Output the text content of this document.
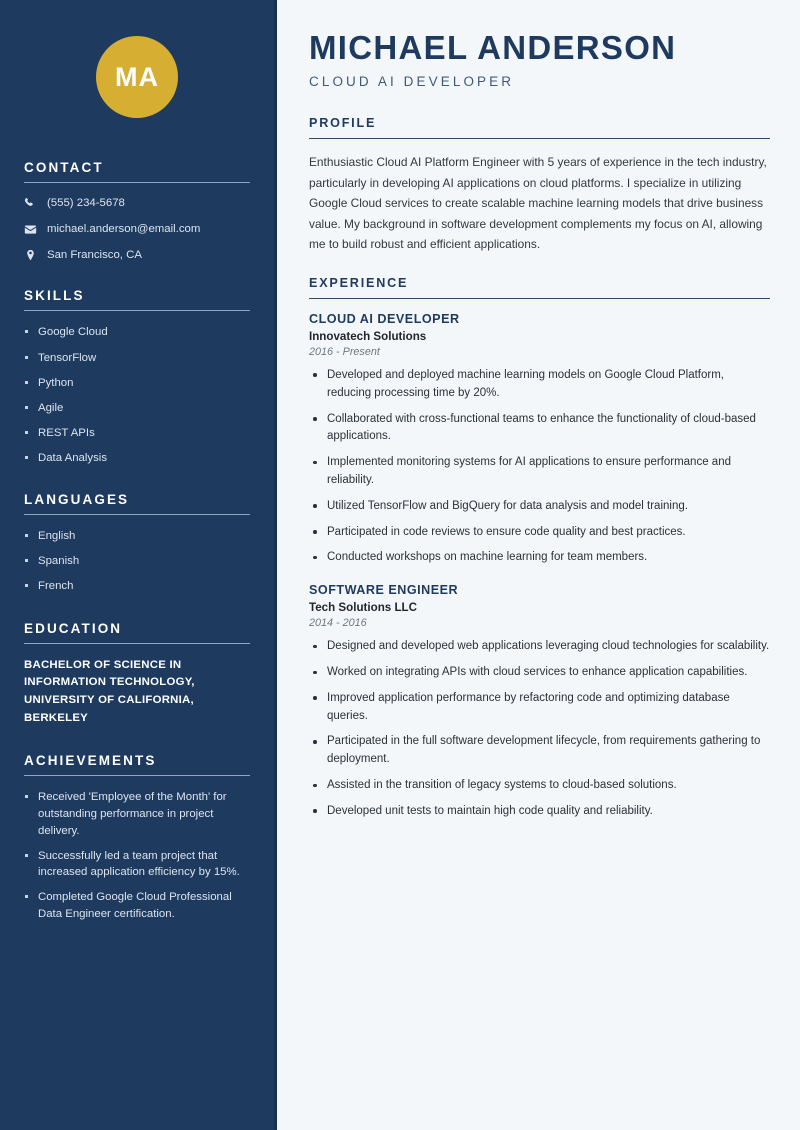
MA
CONTACT
(555) 234-5678
michael.anderson@email.com
San Francisco, CA
SKILLS
Google Cloud
TensorFlow
Python
Agile
REST APIs
Data Analysis
LANGUAGES
English
Spanish
French
EDUCATION
BACHELOR OF SCIENCE IN INFORMATION TECHNOLOGY, UNIVERSITY OF CALIFORNIA, BERKELEY
ACHIEVEMENTS
Received 'Employee of the Month' for outstanding performance in project delivery.
Successfully led a team project that increased application efficiency by 15%.
Completed Google Cloud Professional Data Engineer certification.
MICHAEL ANDERSON
CLOUD AI DEVELOPER
PROFILE

Enthusiastic Cloud AI Platform Engineer with 5 years of experience in the tech industry, particularly in developing AI applications on cloud platforms. I specialize in utilizing Google Cloud services to create scalable machine learning models that drive business value. My background in software development complements my focus on AI, allowing me to build robust and efficient applications.

EXPERIENCE
CLOUD AI DEVELOPER
Innovatech Solutions
2016 - Present
Developed and deployed machine learning models on Google Cloud Platform, reducing processing time by 20%.
Collaborated with cross-functional teams to enhance the functionality of cloud-based applications.
Implemented monitoring systems for AI applications to ensure performance and reliability.
Utilized TensorFlow and BigQuery for data analysis and model training.
Participated in code reviews to ensure code quality and best practices.
Conducted workshops on machine learning for team members.
SOFTWARE ENGINEER
Tech Solutions LLC
2014 - 2016
Designed and developed web applications leveraging cloud technologies for scalability.
Worked on integrating APIs with cloud services to enhance application capabilities.
Improved application performance by refactoring code and optimizing database queries.
Participated in the full software development lifecycle, from requirements gathering to deployment.
Assisted in the transition of legacy systems to cloud-based solutions.
Developed unit tests to maintain high code quality and reliability.
